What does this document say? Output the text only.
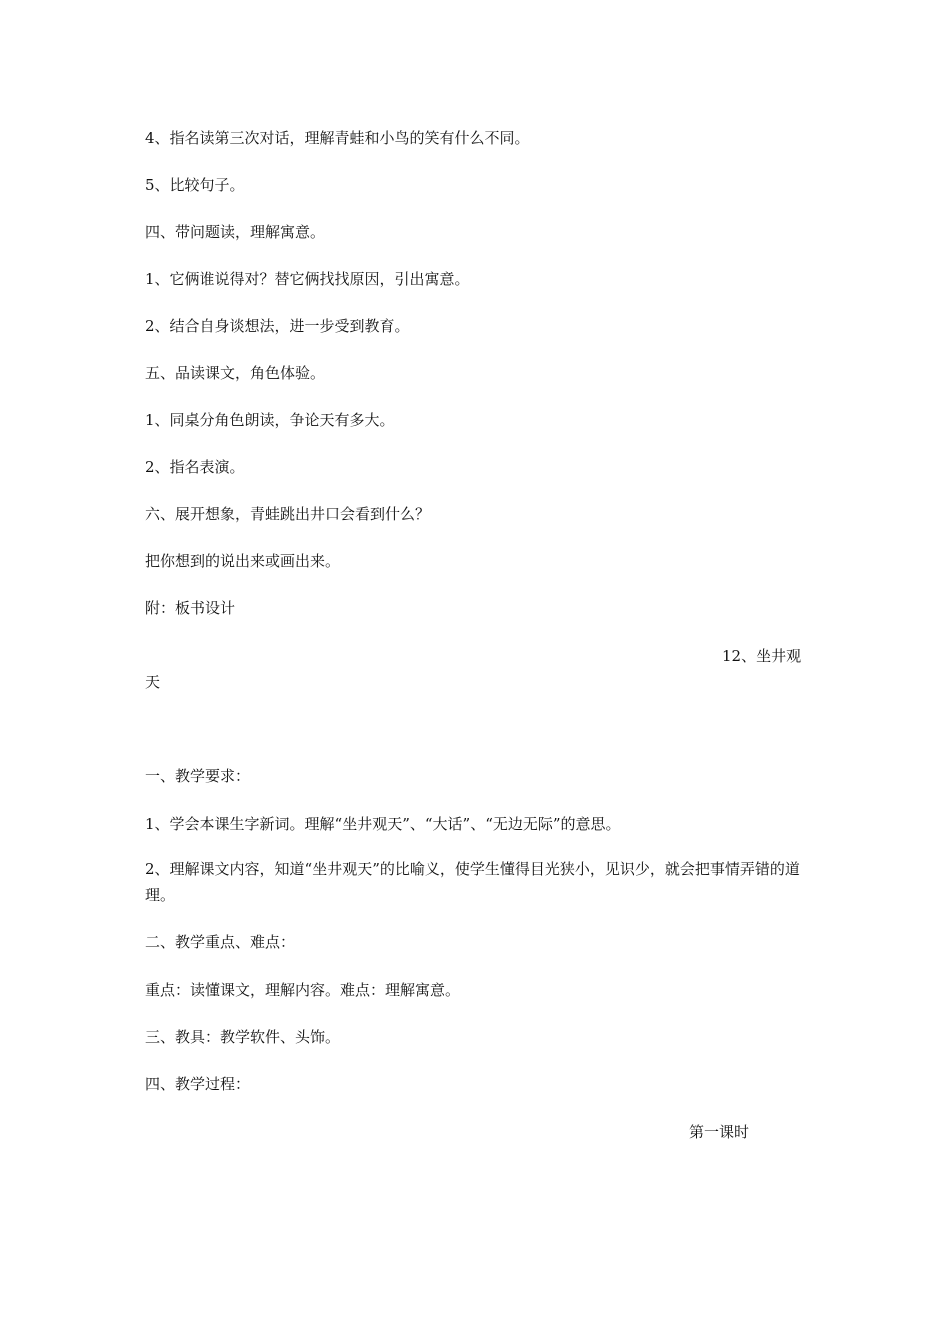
4、指名读第三次对话，理解青蛙和小鸟的笑有什么不同。
5、比较句子。
四、带问题读，理解寓意。
1、它俩谁说得对？替它俩找找原因，引出寓意。
2、结合自身谈想法，进一步受到教育。
五、品读课文，角色体验。
1、同桌分角色朗读，争论天有多大。
2、指名表演。
六、展开想象，青蛙跳出井口会看到什么？
把你想到的说出来或画出来。
附：板书设计
12、坐井观
天
一、教学要求：
1、学会本课生字新词。理解“坐井观天”、“大话”、“无边无际”的意思。
2、理解课文内容，知道“坐井观天”的比喻义，使学生懂得目光狭小，见识少，就会把事情弄错的道理。
二、教学重点、难点：
重点：读懂课文，理解内容。难点：理解寓意。
三、教具：教学软件、头饰。
四、教学过程：
第一课时
